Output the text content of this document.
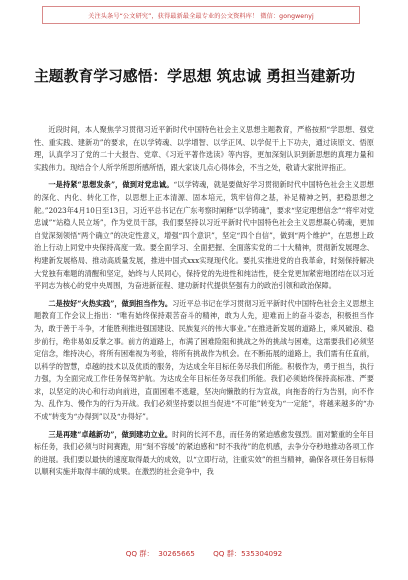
关注头条号“公文研究”，获得最新最全最专业的公文资料库！ 微信：gongwenyj
主题教育学习感悟：学思想 筑忠诚 勇担当建新功

近段时间，本人聚焦学习贯彻习近平新时代中国特色社会主义思想主题教育，严格按照“学思想、强党性、重实践、建新功”的要求，在以学铸魂、以学增智、以学正风、以学促干上下功夫，通过读原文、悟原理，认真学习了党的二十大报告、党章、《习近平著作选读》等内容，更加深刻认识到新思想的真理力量和实践伟力。现结合个人所学所思所感所悟，跟大家谈几点心得体会，不当之处，敬请大家批评指正。

一是持紧“思想发条”，做到对党忠诚。“以学铸魂，就是要做好学习贯彻新时代中国特色社会主义思想的深化、内化、转化工作，以思想上正本清源、固本培元，筑牢信仰之基，补足精神之钙，把稳思想之舵。”2023年4月10日至13日，习近平总书记在广东考察时阐释“以学铸魂”，要求“坚定理想信念”“将牢对党忠诚”“站稳人民立场”，作为党员干部，我们要坚持以习近平新时代中国特色社会主义思想凝心铸魂，更加自觉深刻领悟“两个确立”的决定性意义，增强“四个意识”，坚定“四个自信”，做到“两个维护”，在思想上政治上行动上同党中央保持高度一致。要全面学习、全面把握、全面落实党的二十大精神，贯彻新发展理念、构建新发展格局、推动高质量发展，推进中国式xxx实现现代化。要扎实推进党的自我革命，时刻保持解决大党独有难题的清醒和坚定，始终与人民同心，保持党的先进性和纯洁性，使全党更加紧密地团结在以习近平同志为核心的党中央周围，为奋进新征程、建功新时代提供坚强有力的政治引领和政治保障。

二是按好“火热实践”，做到担当作为。习近平总书记在学习贯彻习近平新时代中国特色社会主义思想主题教育工作会议上指出：“唯有始终保持艰苦奋斗的精神，敢为人先，迎难而上的奋斗姿态，积极担当作为，敢于善于斗争，才能胜利推进强国建设、民族复兴的伟大事业。”在推进新发展的道路上，乘风破浪、稳步前行，绝非易如反掌之事。前方的道路上，布满了困难险阻和挑战之外的挑战与困难，这需要我们必须坚定信念，维持决心，将所有困难视为考验，将所有挑战作为机会。在不断拓展的道路上，我们需有任直前，以科学的智慧，卓越的技术以及优质的服务，为达成全年目标任务尽我们所能。积极作为，勇于担当，执行力强，为全面完成工作任务保驾护航。为达成全年目标任务尽我们所能。我们必须始终保持高标准、严要求，以坚定的决心和行动向前进，直面困难不逃避，坚决向懒散的行为宣战，向拖沓的行为告别，向不作为、乱作为、慢作为的行为开战。我们必须坚持要以担当促进“不可能”转变为“一定能”，将越来越多的“办不成”转变为“办得到”以及“办得好”。

三是再建“卓越新功”，做到建功立业。时间的长河不息，而任务的紧迫感愈发强烈。面对繁重的全年目标任务，我们必须与时间赛跑，用“刻不容缓”的紧迫感和“时不我待”的危机感，去争分夺秒地推动各项工作的进展。我们要以最快的速度取得最大的成效，以“立即行动，注重实效”的担当精神，确保各项任务目标得以顺利实施并取得丰硕的成果。在激烈的社会竞争中，我

QQ 群：  30265665        QQ 群：535304092
